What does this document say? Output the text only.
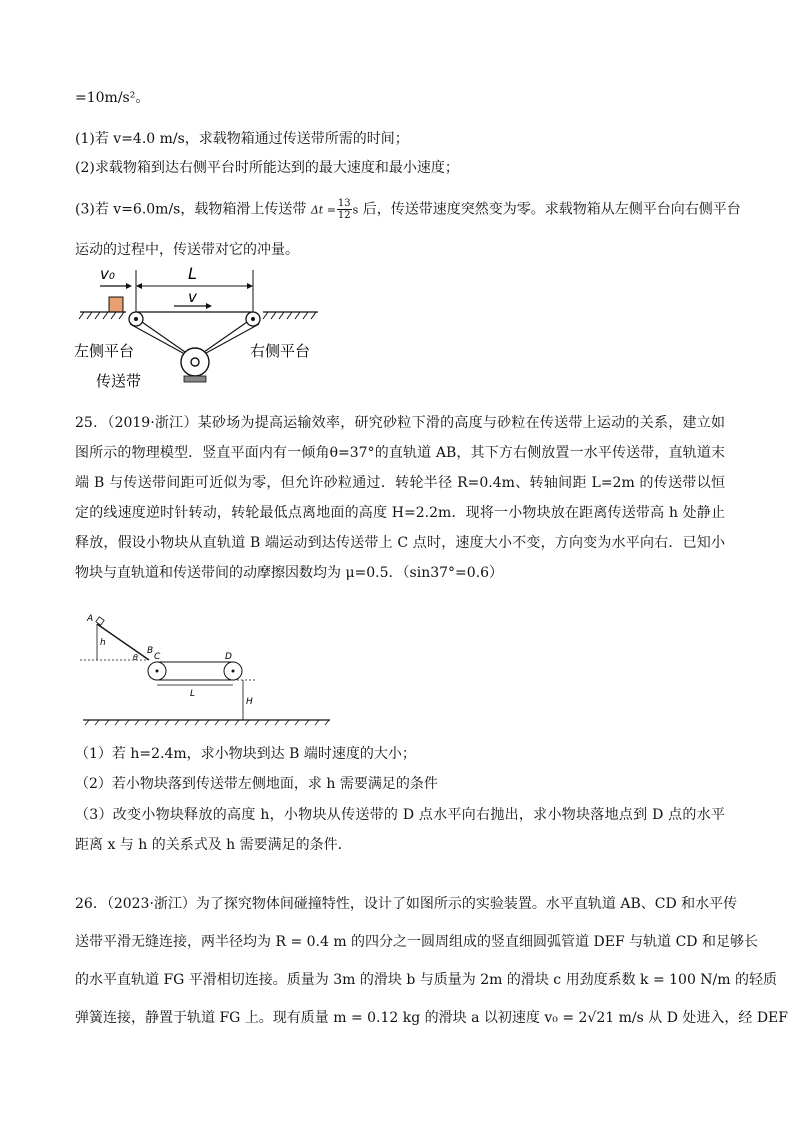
=10m/s²。
(1)若 v=4.0 m/s，求载物箱通过传送带所需的时间；
(2)求载物箱到达右侧平台时所能达到的最大速度和最小速度；
(3)若 v=6.0m/s，载物箱滑上传送带 $\Delta t = \frac{13}{12}$ s 后，传送带速度突然变为零。求载物箱从左侧平台向右侧平台
运动的过程中，传送带对它的冲量。
v₀	L
v
左侧平台	右侧平台
传送带
25．（2019·浙江）某砂场为提高运输效率，研究砂粒下滑的高度与砂粒在传送带上运动的关系，建立如图所示的物理模型．竖直平面内有一倾角θ=37°的直轨道 AB，其下方右侧放置一水平传送带，直轨道末端 B 与传送带间距可近似为零，但允许砂粒通过．转轮半径 R=0.4m、转轴间距 L=2m 的传送带以恒定的线速度逆时针转动，转轮最低点离地面的高度 H=2.2m．现将一小物块放在距离传送带高 h 处静止释放，假设小物块从直轨道 B 端运动到达传送带上 C 点时，速度大小不变，方向变为水平向右．已知小物块与直轨道和传送带间的动摩擦因数均为 μ=0.5．（sin37°=0.6）
A
h
θ
B
C	D
L
H
（1）若 h=2.4m，求小物块到达 B 端时速度的大小；
（2）若小物块落到传送带左侧地面，求 h 需要满足的条件
（3）改变小物块释放的高度 h，小物块从传送带的 D 点水平向右抛出，求小物块落地点到 D 点的水平距离 x 与 h 的关系式及 h 需要满足的条件．
26．（2023·浙江）为了探究物体间碰撞特性，设计了如图所示的实验装置。水平直轨道 AB、CD 和水平传
送带平滑无缝连接，两半径均为 R = 0.4 m 的四分之一圆周组成的竖直细圆弧管道 DEF 与轨道 CD 和足够长
的水平直轨道 FG 平滑相切连接。质量为 3m 的滑块 b 与质量为 2m 的滑块 c 用劲度系数 k = 100 N/m 的轻质
弹簧连接，静置于轨道 FG 上。现有质量 m = 0.12 kg 的滑块 a 以初速度 v₀ = 2√21 m/s 从 D 处进入，经 DEF
